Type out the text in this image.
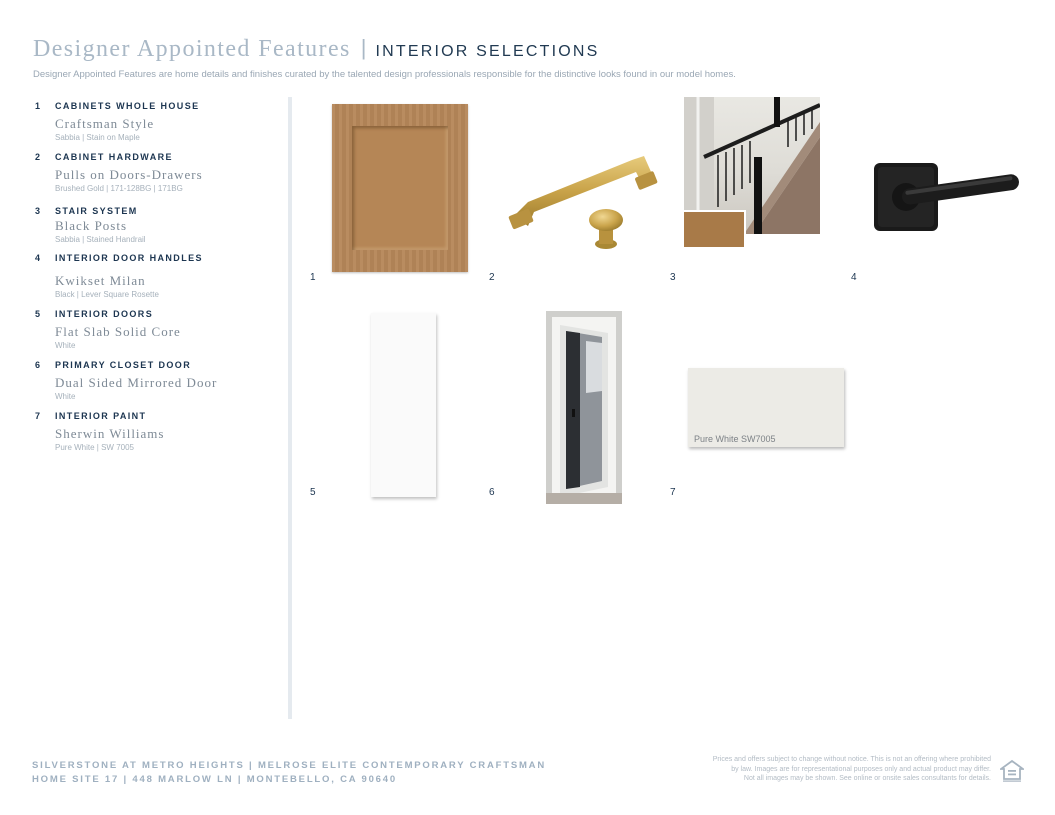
Designer Appointed Features | INTERIOR SELECTIONS
Designer Appointed Features are home details and finishes curated by the talented design professionals responsible for the distinctive looks found in our model homes.
1	CABINETS WHOLE HOUSE
Craftsman Style
Sabbia | Stain on Maple
2	CABINET HARDWARE
Pulls on Doors-Drawers
Brushed Gold | 171-128BG | 171BG
3	STAIR SYSTEM
Black Posts
Sabbia | Stained Handrail
4	INTERIOR DOOR HANDLES
Kwikset Milan
Black | Lever Square Rosette
5	INTERIOR DOORS
Flat Slab Solid Core
White
6	PRIMARY CLOSET DOOR
Dual Sided Mirrored Door
White
7	INTERIOR PAINT
Sherwin Williams
Pure White | SW 7005
1	2	3	4
5	6
Pure White SW7005
7
SILVERSTONE AT METRO HEIGHTS | MELROSE ELITE CONTEMPORARY CRAFTSMAN
HOME SITE 17 | 448 MARLOW LN | MONTEBELLO, CA 90640
Prices and offers subject to change without notice. This is not an offering where prohibited
by law. Images are for representational purposes only and actual product may differ.
Not all images may be shown. See online or onsite sales consultants for details.
